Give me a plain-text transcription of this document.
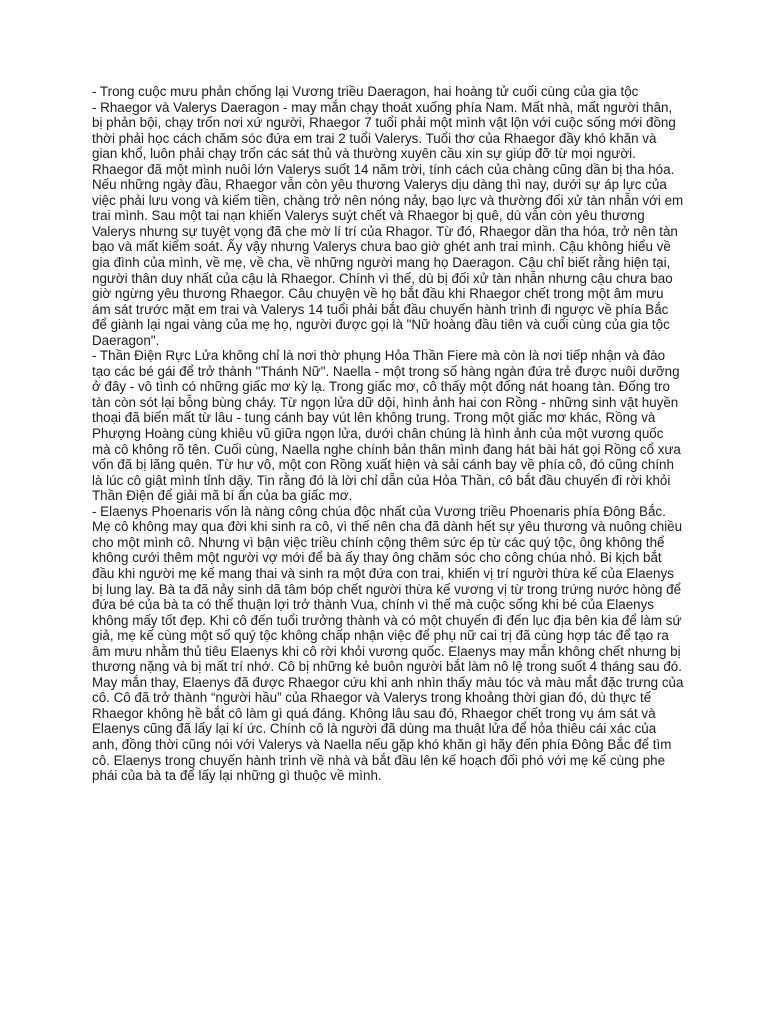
- Trong cuộc mưu phản chống lại Vương triều Daeragon, hai hoàng tử cuối cùng của gia tộc

- Rhaegor và Valerys Daeragon - may mắn chạy thoát xuống phía Nam. Mất nhà, mất người thân, bị phản bội, chạy trốn nơi xứ người, Rhaegor 7 tuổi phải một mình vật lộn với cuộc sống mới đồng thời phải học cách chăm sóc đứa em trai 2 tuổi Valerys. Tuổi thơ của Rhaegor đầy khó khăn và gian khổ, luôn phải chạy trốn các sát thủ và thường xuyên cầu xin sự giúp đỡ từ mọi người. Rhaegor đã một mình nuôi lớn Valerys suốt 14 năm trời, tính cách của chàng cũng dần bị tha hóa. Nếu những ngày đầu, Rhaegor vẫn còn yêu thương Valerys dịu dàng thì nay, dưới sự áp lực của việc phải lưu vong và kiếm tiền, chàng trở nên nóng nảy, bạo lực và thường đối xử tàn nhẫn với em trai mình. Sau một tai nạn khiến Valerys suýt chết và Rhaegor bị quê, dù vẫn còn yêu thương Valerys nhưng sự tuyệt vọng đã che mờ lí trí của Rhagor. Từ đó, Rhaegor dần tha hóa, trở nên tàn bạo và mất kiểm soát. Ấy vậy nhưng Valerys chưa bao giờ ghét anh trai mình. Cậu không hiểu về gia đình của mình, về mẹ, về cha, về những người mang họ Daeragon. Cậu chỉ biết rằng hiện tại, người thân duy nhất của cậu là Rhaegor. Chính vì thế, dù bị đối xử tàn nhẫn nhưng cậu chưa bao giờ ngừng yêu thương Rhaegor. Câu chuyện về họ bắt đầu khi Rhaegor chết trong một âm mưu ám sát trước mặt em trai và Valerys 14 tuổi phải bắt đầu chuyến hành trình đi ngược về phía Bắc để giành lại ngai vàng của mẹ họ, người được gọi là "Nữ hoàng đầu tiên và cuối cùng của gia tộc Daeragon".

- Thần Điện Rực Lửa không chỉ là nơi thờ phụng Hỏa Thần Fiere mà còn là nơi tiếp nhận và đào tạo các bé gái để trở thành "Thánh Nữ". Naella - một trong số hàng ngàn đứa trẻ được nuôi dưỡng ở đây - vô tình có những giấc mơ kỳ lạ. Trong giấc mơ, cô thấy một đống nát hoang tàn. Đống tro tàn còn sót lại bỗng bùng cháy. Từ ngọn lửa dữ dội, hình ảnh hai con Rồng - những sinh vật huyền thoại đã biến mất từ lâu - tung cánh bay vút lên không trung. Trong một giấc mơ khác, Rồng và Phượng Hoàng cùng khiêu vũ giữa ngọn lửa, dưới chân chúng là hình ảnh của một vương quốc mà cô không rõ tên. Cuối cùng, Naella nghe chính bản thân mình đang hát bài hát gọi Rồng cổ xưa vốn đã bị lãng quên. Từ hư vô, một con Rồng xuất hiện và sải cánh bay về phía cô, đó cũng chính là lúc cô giật mình tỉnh dậy. Tin rằng đó là lời chỉ dẫn của Hỏa Thần, cô bắt đầu chuyến đi rời khỏi Thần Điện để giải mã bí ẩn của ba giấc mơ.

- Elaenys Phoenaris vốn là nàng công chúa độc nhất của Vương triều Phoenaris phía Đông Bắc. Mẹ cô không may qua đời khi sinh ra cô, vì thế nên cha đã dành hết sự yêu thương và nuông chiều cho một mình cô. Nhưng vì bận việc triều chính cộng thêm sức ép từ các quý tộc, ông không thể không cưới thêm một người vợ mới để bà ấy thay ông chăm sóc cho công chúa nhỏ. Bi kịch bắt đầu khi người mẹ kế mang thai và sinh ra một đứa con trai, khiến vị trí người thừa kế của Elaenys bị lung lay. Bà ta đã nảy sinh dã tâm bóp chết người thừa kế vương vị từ trong trứng nước hòng để đứa bé của bà ta có thể thuận lợi trở thành Vua, chính vì thế mà cuộc sống khi bé của Elaenys không mấy tốt đẹp. Khi cô đến tuổi trưởng thành và có một chuyến đi đến lục địa bên kia để làm sứ giả, mẹ kế cùng một số quý tộc không chấp nhận việc để phụ nữ cai trị đã cùng hợp tác để tạo ra âm mưu nhằm thủ tiêu Elaenys khi cô rời khỏi vương quốc. Elaenys may mắn không chết nhưng bị thương nặng và bị mất trí nhớ. Cô bị những kẻ buôn người bắt làm nô lệ trong suốt 4 tháng sau đó. May mắn thay, Elaenys đã được Rhaegor cứu khi anh nhìn thấy màu tóc và màu mắt đặc trưng của cô. Cô đã trở thành “người hầu” của Rhaegor và Valerys trong khoảng thời gian đó, dù thực tế Rhaegor không hề bắt cô làm gì quá đáng. Không lâu sau đó, Rhaegor chết trong vụ ám sát và Elaenys cũng đã lấy lại kí ức. Chính cô là người đã dùng ma thuật lửa để hỏa thiêu cái xác của anh, đồng thời cũng nói với Valerys và Naella nếu gặp khó khăn gì hãy đến phía Đông Bắc để tìm cô. Elaenys trong chuyến hành trình về nhà và bắt đầu lên kế hoạch đối phó với mẹ kế cùng phe phái của bà ta để lấy lại những gì thuộc về mình.
